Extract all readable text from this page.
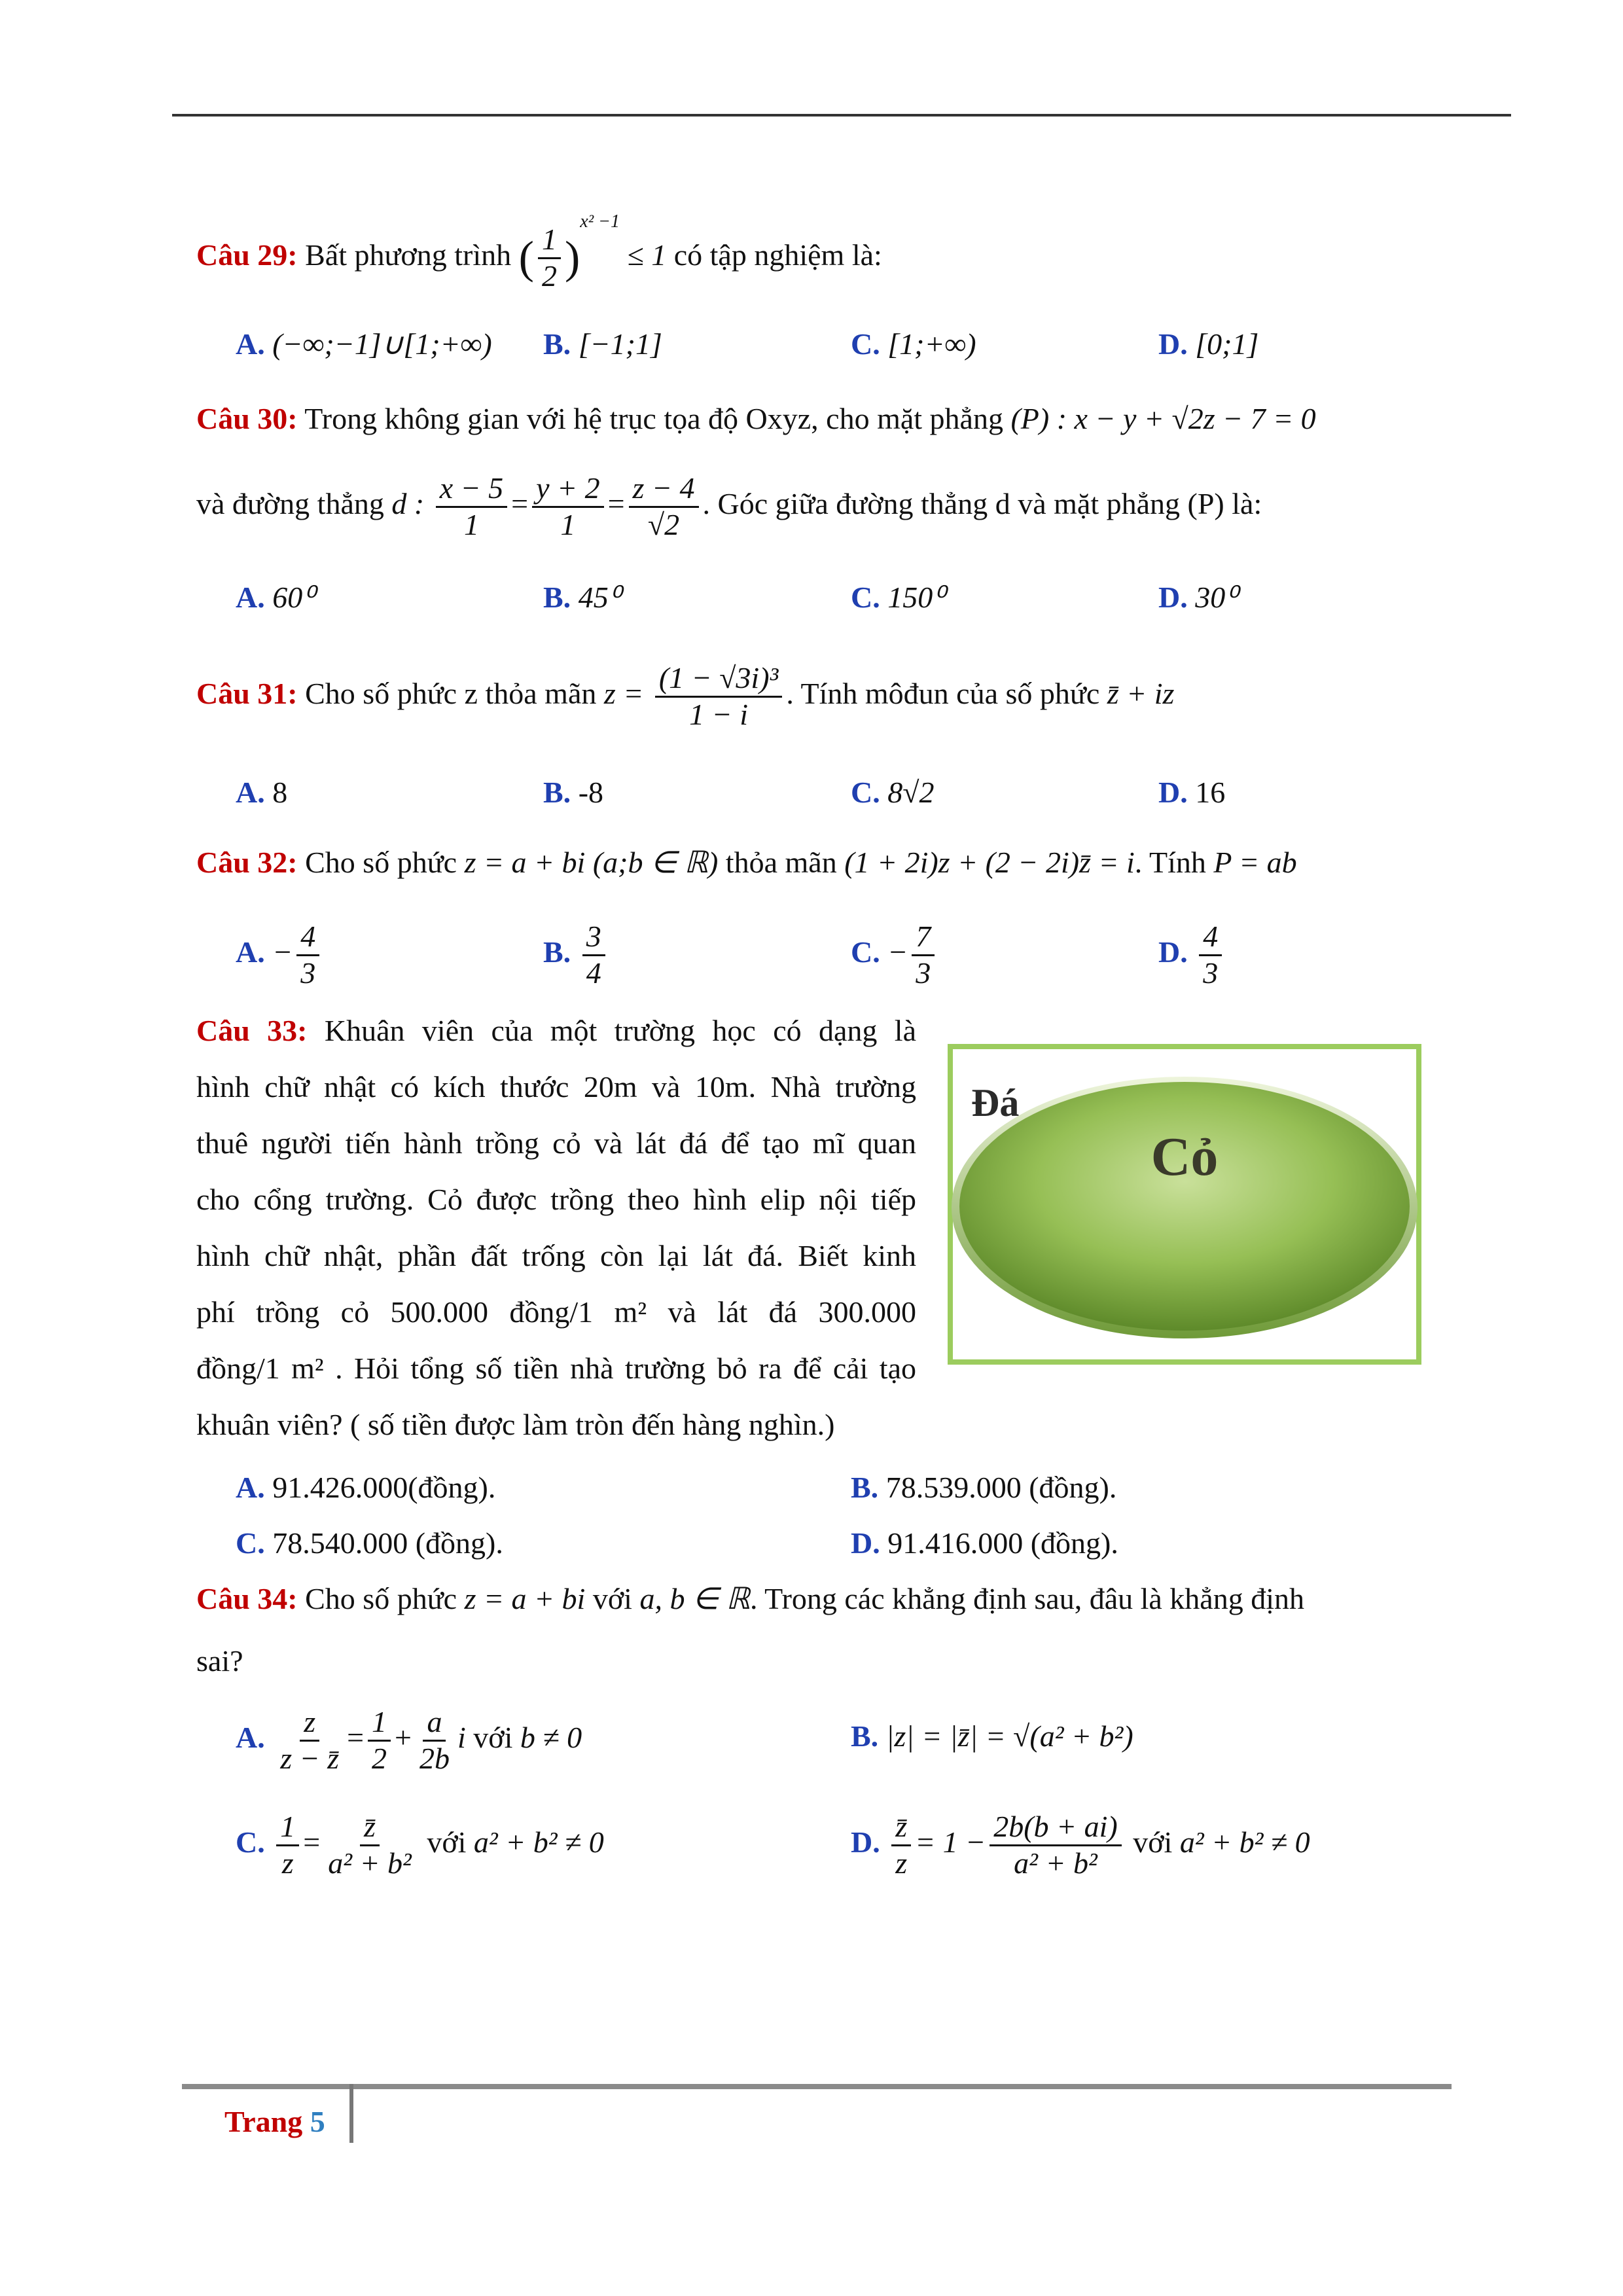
Câu 29: Bất phương trình ( $\frac{1}{2} )^{x^2 -1} \le 1$ có tập nghiệm là:
A. (−∞;−1]∪[1;+∞) B. [−1;1]	C. [1;+∞)	D. [0;1]
Câu 30: Trong không gian với hệ trục tọa độ Oxyz, cho mặt phẳng (P) : x − y + √2z − 7 = 0
và đường thẳng d : $\frac{x - 5}{1} = \frac{y + 2}{1} = \frac{z - 4}{√2}$ . Góc giữa đường thẳng d và mặt phẳng (P) là:
A. 60⁰	B. 45⁰	C. 150⁰	D. 30⁰
Câu 31: Cho số phức z thỏa mãn $z = \frac{\text{(1 − √3i)³}}{1 - i}$ . Tính môđun của số phức z̄ + iz
A. 8	B. -8	C. 8√2	D. 16
Câu 32: Cho số phức z = a + bi (a;b ∈ ℝ) thỏa mãn (1 + 2i)z + (2 − 2i)z̄ = i. Tính P = ab
A. − $\frac{4}{3}$	B. $\frac{3}{4}$	C. − $\frac{7}{3}$	D. $\frac{4}{3}$
Câu 33: Khuân viên của một trường học có dạng là
hình chữ nhật có kích thước 20m và 10m. Nhà trường
thuê người tiến hành trồng cỏ và lát đá để tạo mĩ quan
cho cổng trường. Cỏ được trồng theo hình elip nội tiếp
hình chữ nhật, phần đất trống còn lại lát đá. Biết kinh
phí trồng cỏ 500.000 đồng/1 m² và lát đá 300.000
đồng/1 m² . Hỏi tổng số tiền nhà trường bỏ ra để cải tạo
khuân viên? ( số tiền được làm tròn đến hàng nghìn.)
Đá
Cỏ
A. 91.426.000(đồng).	B. 78.539.000 (đồng).
C. 78.540.000 (đồng).	D. 91.416.000 (đồng).
Câu 34: Cho số phức z = a + bi với a, b ∈ ℝ. Trong các khẳng định sau, đâu là khẳng định
sai?
A. $\frac{z}{z - z̄} = \frac{1}{2} + \frac{a}{2b}$ i với b ≠ 0	B. |z| = |z̄| = √(a² + b²)
C. $\frac{1}{z} = \frac{z̄}{\text{a² + b²}}$ với a² + b² ≠ 0	D. $\frac{z̄}{z} = 1 - \frac{2b(b + ai)}{\text{a² + b²}}$ với a² + b² ≠ 0
Trang 5
